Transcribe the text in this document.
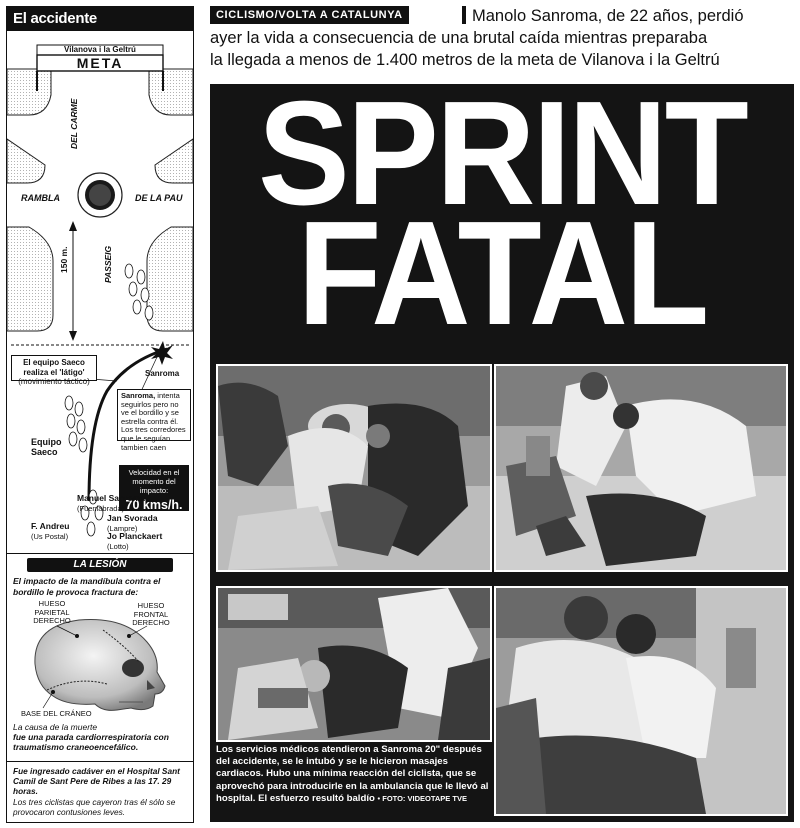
El accidente
Vilanova i la Geltrú
META
DEL CARME
RAMBLA	DE LA PAU
PASSEIG
150 m.
El equipo Saeco realiza el 'látigo'
(movimiento táctico)
Sanroma
Sanroma, intenta seguirlos pero no ve el bordillo y se estrella contra él. Los tres corredores que le seguían tambien caen
Equipo Saeco
Velocidad en el momento del impacto:
70 kms/h.
Manuel Sanroma
(Fuenlabrada)
F. Andreu
(Us Postal)
Jan Svorada
(Lampre)
Jo Planckaert
(Lotto)
LA LESIÓN
El impacto de la mandíbula contra el bordillo le provoca fractura de:
HUESO PARIETAL DERECHO
HUESO FRONTAL DERECHO
BASE DEL CRÁNEO
La causa de la muerte
fue una parada cardiorrespiratoria con traumatismo craneoencefálico.
Fue ingresado cadáver en el Hospital Sant Camil de Sant Pere de Ribes a las 17. 29 horas.
Los tres ciclistas que cayeron tras él sólo se provocaron contusiones leves.
Manolo Sanroma, de 22 años, perdió
ayer la vida a consecuencia de una brutal caída mientras preparaba
la llegada a menos de 1.400 metros de la meta de Vilanova i la Geltrú
CICLISMO/VOLTA A CATALUNYA
SPRINT
FATAL
Los servicios médicos atendieron a Sanroma 20" después del accidente, se le intubó y se le hicieron masajes cardiacos. Hubo una mínima reacción del ciclista, que se aprovechó para introducirle en la ambulancia que le llevó al hospital. El esfuerzo resultó baldío • FOTO: VIDEOTAPE TVE
